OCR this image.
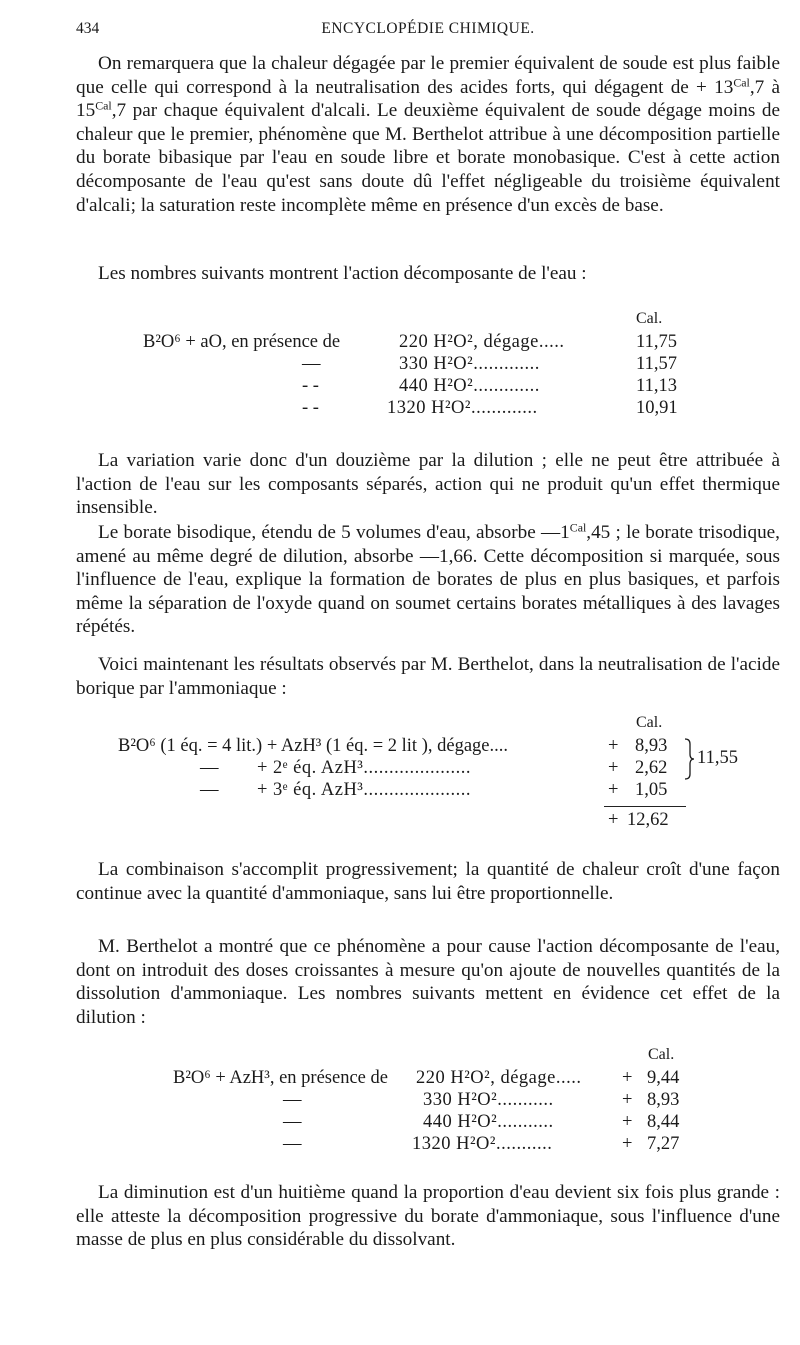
434	ENCYCLOPÉDIE CHIMIQUE.

On remarquera que la chaleur dégagée par le premier équivalent de soude est plus faible que celle qui correspond à la neutralisation des acides forts, qui dégagent de + $13^{Cal},7$ à $15^{Cal},7$ par chaque équivalent d'alcali. Le deuxième équivalent de soude dégage moins de chaleur que le premier, phénomène que M. Berthelot attribue à une décomposition partielle du borate bibasique par l'eau en soude libre et borate monobasique. C'est à cette action décomposante de l'eau qu'est sans doute dû l'effet négligeable du troisième équivalent d'alcali; la saturation reste incomplète même en présence d'un excès de base.

Les nombres suivants montrent l'action décomposante de l'eau :

Cal.
B²O⁶ + aO, en présence de	220 H²O², dégage.....	11,75
—	330 H²O².............	11,57
- -	440 H²O².............	11,13
- -	1320 H²O².............	10,91

La variation varie donc d'un douzième par la dilution ; elle ne peut être attribuée à l'action de l'eau sur les composants séparés, action qui ne produit qu'un effet thermique insensible.

Le borate bisodique, étendu de 5 volumes d'eau, absorbe $—1^{Cal},45$ ; le borate trisodique, amené au même degré de dilution, absorbe —1,66. Cette décomposition si marquée, sous l'influence de l'eau, explique la formation de borates de plus en plus basiques, et parfois même la séparation de l'oxyde quand on soumet certains borates métalliques à des lavages répétés.

Voici maintenant les résultats observés par M. Berthelot, dans la neutralisation de l'acide borique par l'ammoniaque :

Cal.
B²O⁶ (1 éq. = 4 lit.) + AzH³ (1 éq. = 2 lit ), dégage....	+ 8,93
— + 2ᵉ éq. AzH³.....................	+ 2,62
— + 3ᵉ éq. AzH³.....................	+ 1,05
11,55
+ 12,62

La combinaison s'accomplit progressivement; la quantité de chaleur croît d'une façon continue avec la quantité d'ammoniaque, sans lui être proportionnelle.

M. Berthelot a montré que ce phénomène a pour cause l'action décomposante de l'eau, dont on introduit des doses croissantes à mesure qu'on ajoute de nouvelles quantités de la dissolution d'ammoniaque. Les nombres suivants mettent en évidence cet effet de la dilution :

Cal.
B²O⁶ + AzH³, en présence de 220 H²O², dégage..... + 9,44
—	330 H²O²...........	+ 8,93
—	440 H²O²...........	+ 8,44
—	1320 H²O²...........	+ 7,27

La diminution est d'un huitième quand la proportion d'eau devient six fois plus grande : elle atteste la décomposition progressive du borate d'ammoniaque, sous l'influence d'une masse de plus en plus considérable du dissolvant.
